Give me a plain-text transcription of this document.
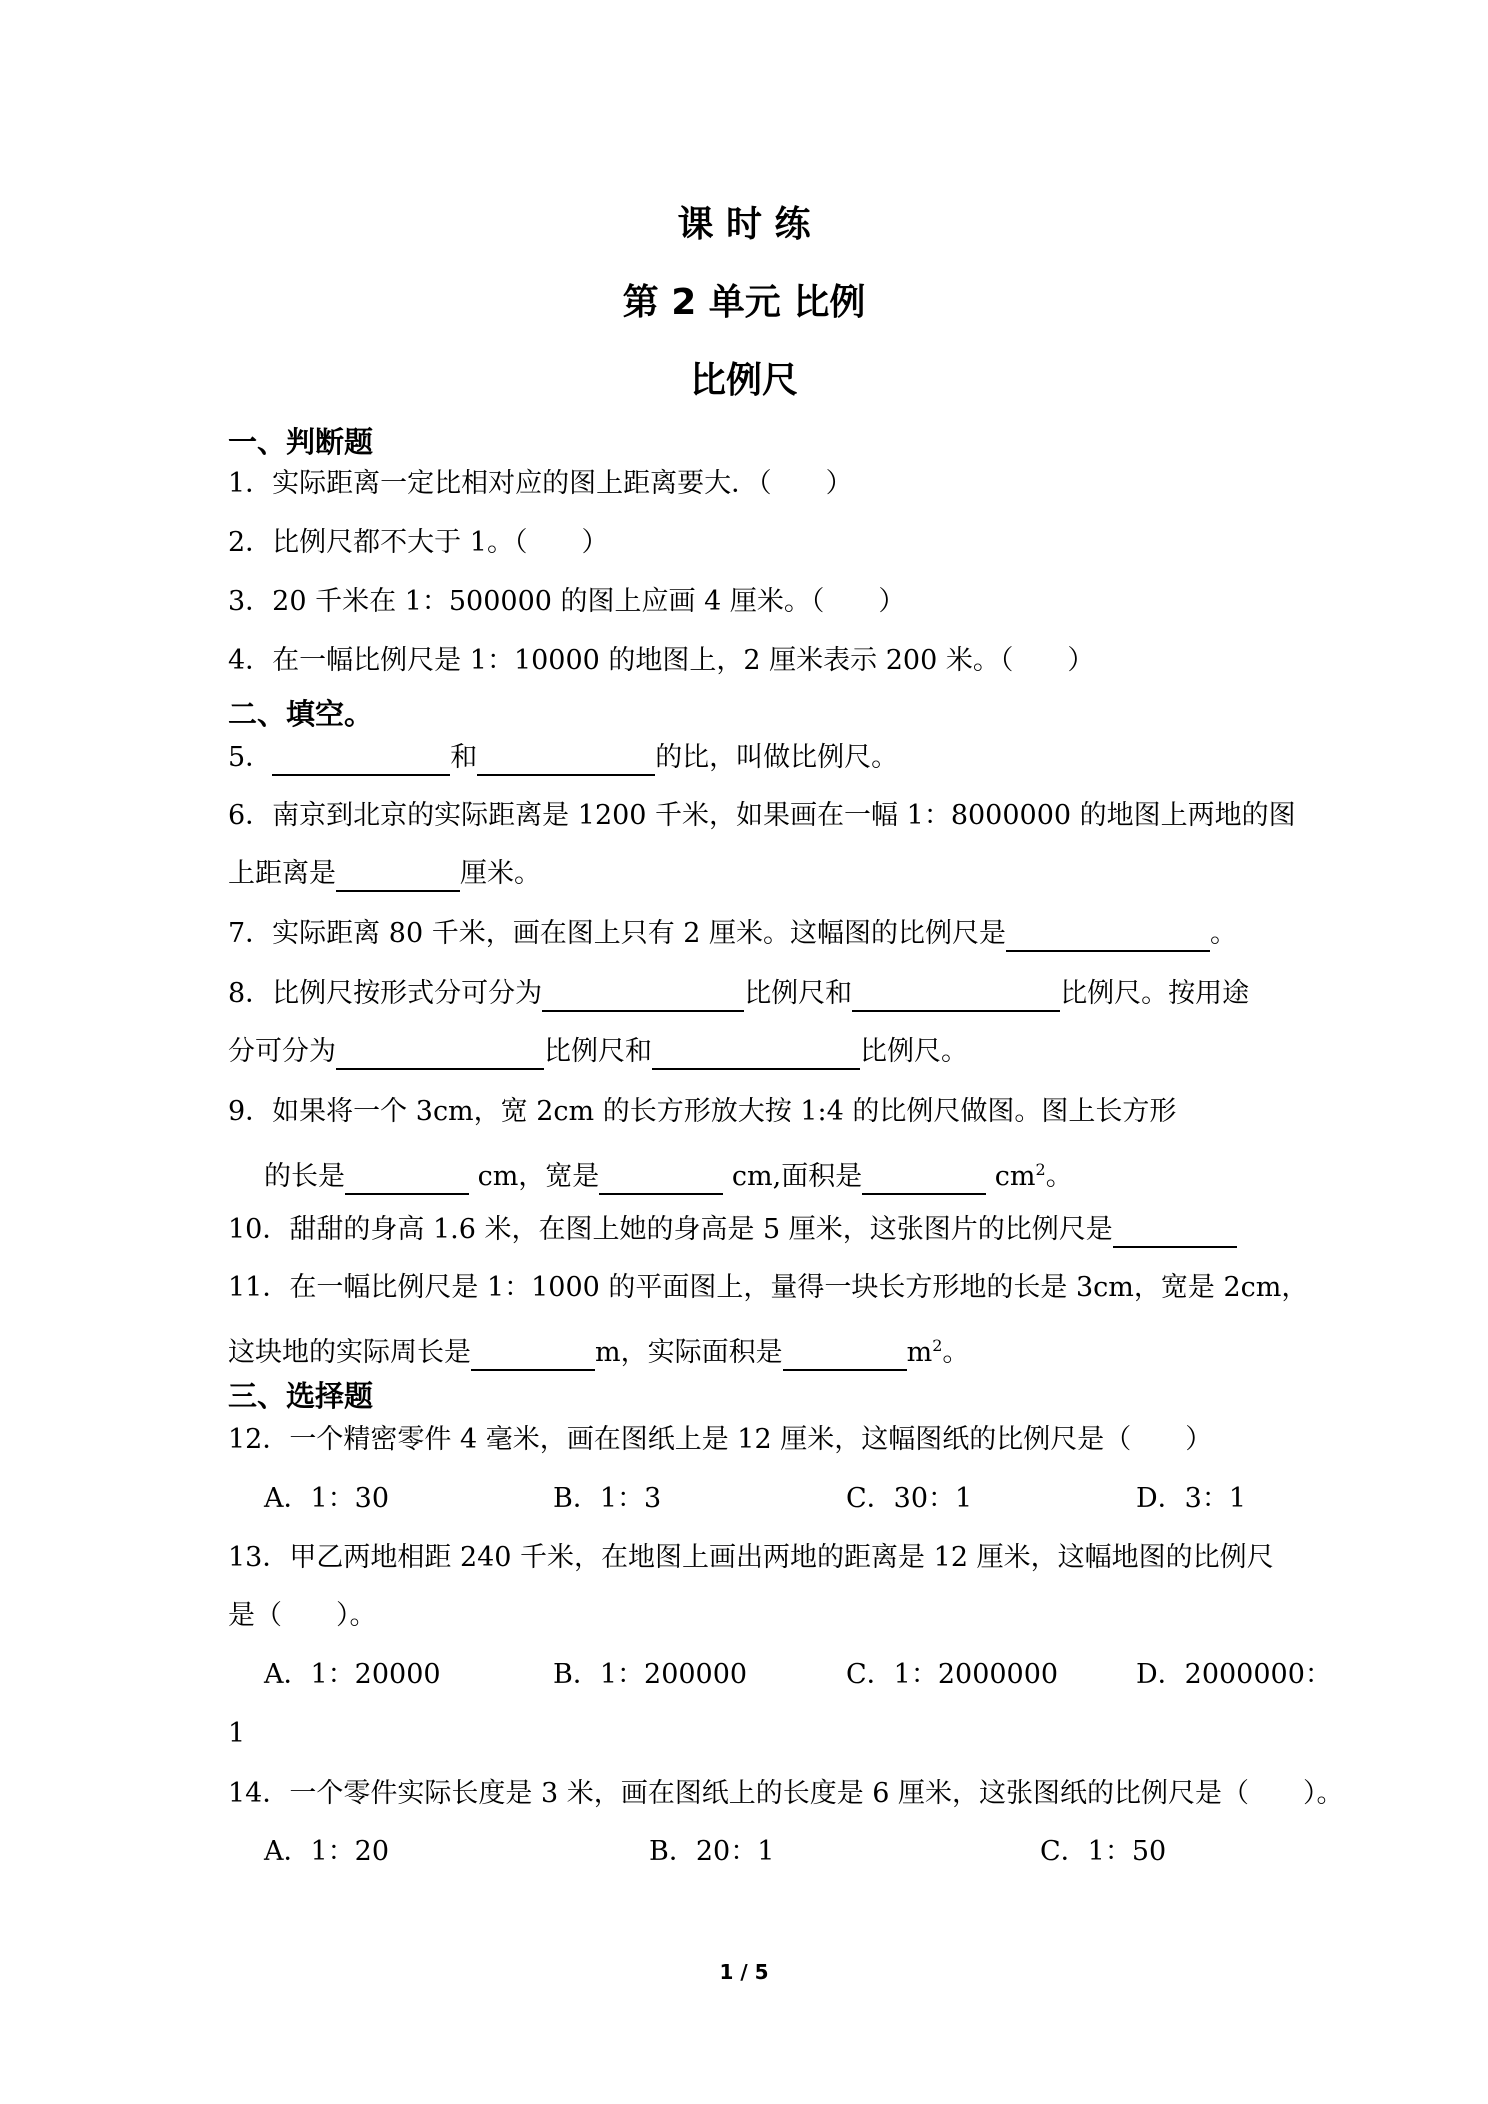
课 时 练
第 2 单元 比例
比例尺
一、判断题
1．实际距离一定比相对应的图上距离要大．（　　）
2．比例尺都不大于 1。（　　）
3．20 千米在 1：500000 的图上应画 4 厘米。（　　）
4．在一幅比例尺是 1：10000 的地图上，2 厘米表示 200 米。（　　）
二、填空。
5．	和	的比，叫做比例尺。
6．南京到北京的实际距离是 1200 千米，如果画在一幅 1：8000000 的地图上两地的图
上距离是	厘米。
7．实际距离 80 千米，画在图上只有 2 厘米。这幅图的比例尺是	。
8．比例尺按形式分可分为	比例尺和	比例尺。按用途
分可分为	比例尺和	比例尺。
9．如果将一个 3cm，宽 2cm 的长方形放大按 1:4 的比例尺做图。图上长方形
的长是	cm，宽是	cm,面积是	$cm^2$。
10．甜甜的身高 1.6 米，在图上她的身高是 5 厘米，这张图片的比例尺是
11．在一幅比例尺是 1：1000 的平面图上，量得一块长方形地的长是 3cm，宽是 2cm，
这块地的实际周长是	m，实际面积是	$m^2$。
三、选择题
12．一个精密零件 4 毫米，画在图纸上是 12 厘米，这幅图纸的比例尺是（　　）
A．1：30	B．1：3	C．30：1	D．3：1
13．甲乙两地相距 240 千米，在地图上画出两地的距离是 12 厘米，这幅地图的比例尺
是（　　）。
A．1：20000	B．1：200000	C．1：2000000	D．2000000：
1
14．一个零件实际长度是 3 米，画在图纸上的长度是 6 厘米，这张图纸的比例尺是（　　）。
A．1：20	B．20：1	C．1：50
1 / 5
